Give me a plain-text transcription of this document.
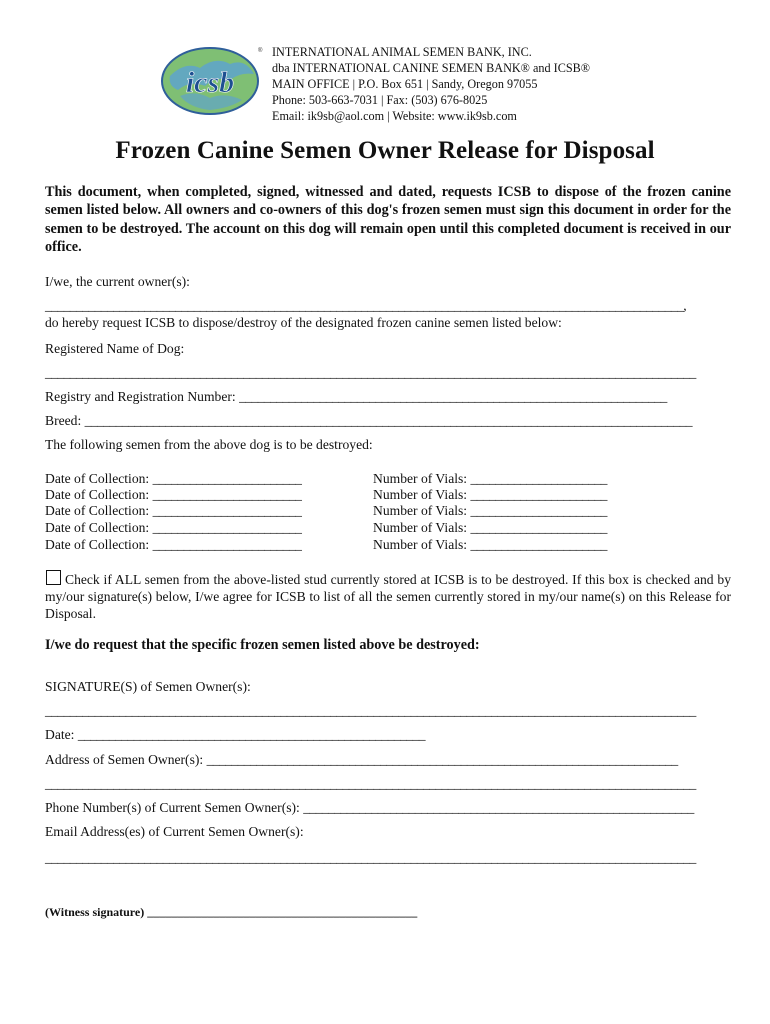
icsb
® INTERNATIONAL ANIMAL SEMEN BANK, INC.
dba INTERNATIONAL CANINE SEMEN BANK® and ICSB®
MAIN OFFICE | P.O. Box 651 | Sandy, Oregon 97055
Phone: 503-663-7031 | Fax: (503) 676-8025
Email: ik9sb@aol.com | Website: www.ik9sb.com
Frozen Canine Semen Owner Release for Disposal
This document, when completed, signed, witnessed and dated, requests ICSB to dispose of the frozen canine semen listed below. All owners and co-owners of this dog's frozen semen must sign this document in order for the semen to be destroyed. The account on this dog will remain open until this completed document is received in our office.
I/we, the current owner(s):
_______________________________________________________________________________________________________,
do hereby request ICSB to dispose/destroy of the designated frozen canine semen listed below:
Registered Name of Dog:
_________________________________________________________________________________________________________
Registry and Registration Number: _____________________________________________________________________
Breed: __________________________________________________________________________________________________
The following semen from the above dog is to be destroyed:
Date of Collection: ________________________	Number of Vials: ______________________
Date of Collection: ________________________	Number of Vials: ______________________
Date of Collection: ________________________	Number of Vials: ______________________
Date of Collection: ________________________	Number of Vials: ______________________
Date of Collection: ________________________	Number of Vials: ______________________
Check if ALL semen from the above-listed stud currently stored at ICSB is to be destroyed. If this box is checked and by my/our signature(s) below, I/we agree for ICSB to list of all the semen currently stored in my/our name(s) on this Release for Disposal.
I/we do request that the specific frozen semen listed above be destroyed:
SIGNATURE(S) of Semen Owner(s):
_________________________________________________________________________________________________________
Date: ________________________________________________________
Address of Semen Owner(s): ____________________________________________________________________________
_________________________________________________________________________________________________________
Phone Number(s) of Current Semen Owner(s): _______________________________________________________________
Email Address(es) of Current Semen Owner(s):
_________________________________________________________________________________________________________
(Witness signature) _____________________________________________
